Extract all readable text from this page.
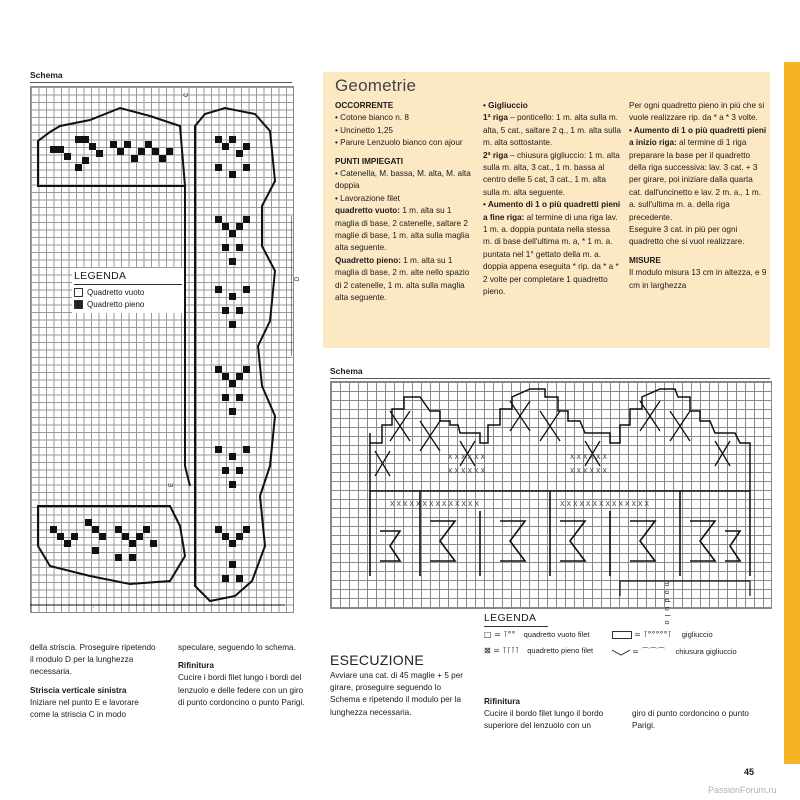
Schema
C
E
D
↑
LEGENDA
Quadretto vuoto
Quadretto pieno

della striscia. Proseguire ripetendo il modulo D per la lunghezza necessaria.

Striscia verticale sinistra

Iniziare nel punto E e lavorare come la striscia C in modo

speculare, seguendo lo schema.

Rifinitura

Cucire i bordi filet lungo i bordi del lenzuolo e delle federe con un giro di punto cordoncino o punto Parigi.

Geometrie

OCCORRENTE

• Cotone bianco n. 8

• Uncinetto 1,25

• Parure Lenzuolo bianco con ajour

PUNTI IMPIEGATI

• Catenella, M. bassa, M. alta, M. alta doppia

• Lavorazione filet

quadretto vuoto: 1 m. alta su 1 maglia di base, 2 catenelle, saltare 2 maglie di base, 1 m. alta sulla maglia alta seguente.

Quadretto pieno: 1 m. alta su 1 maglia di base, 2 m. alte nello spazio di 2 catenelle, 1 m. alta sulla maglia alta seguente.

• Gigliuccio

1ª riga – ponticello: 1 m. alta sulla m. alta, 5 cat., saltare 2 q., 1 m. alta sulla m. alta sottostante.

2ª riga – chiusura gigliuccio: 1 m. alta sulla m. alta, 3 cat., 1 m. bassa al centro delle 5 cat, 3 cat., 1 m. alta sulla m. alta seguente.

• Aumento di 1 o più quadretti pieni a fine riga: al termine di una riga lav. 1 m. a. doppia puntata nella stessa m. di base dell'ultima m. a, * 1 m. a. puntata nel 1° gettato della m. a. doppia appena eseguita * rip. da * a * 2 volte per completare 1 quadretto pieno.

Per ogni quadretto pieno in più che si vuole realizzare rip. da * a * 3 volte.

• Aumento di 1 o più quadretti pieni a inizio riga: al termine di 1 riga preparare la base per il quadretto della riga successiva: lav. 3 cat. + 3 per girare, poi iniziare dalla quarta cat. dall'uncinetto e lav. 2 m. a., 1 m. a. sull'ultima m. a. della riga precedente.

Eseguire 3 cat. in più per ogni quadretto che si vuol realizzare.

MISURE

Il modulo misura 13 cm in altezza, e 9 cm in larghezza

Schema
xxxxxx
xxxxxx
xxxxxx
xxxxxx
xxxxxxxxxxxxxx	xxxxxxxxxxxxxx
modulo
LEGENDA
□ = ⊺°° quadretto vuoto filet
⊠ = ⊺⊺⊺⊺ quadretto pieno filet
= ⊺°°°°°⊺ gigliuccio
= ⌒⌒⌒ chiusura gigliuccio
ESECUZIONE
Avviare una cat. di 45 maglie + 5 per girare, proseguire seguendo lo Schema e ripetendo il modulo per la lunghezza necessaria.

Rifinitura

Cucire il bordo filet lungo il bordo superiore del lenzuolo con un

giro di punto cordoncino o punto Parigi.
45
PassionForum.ru
